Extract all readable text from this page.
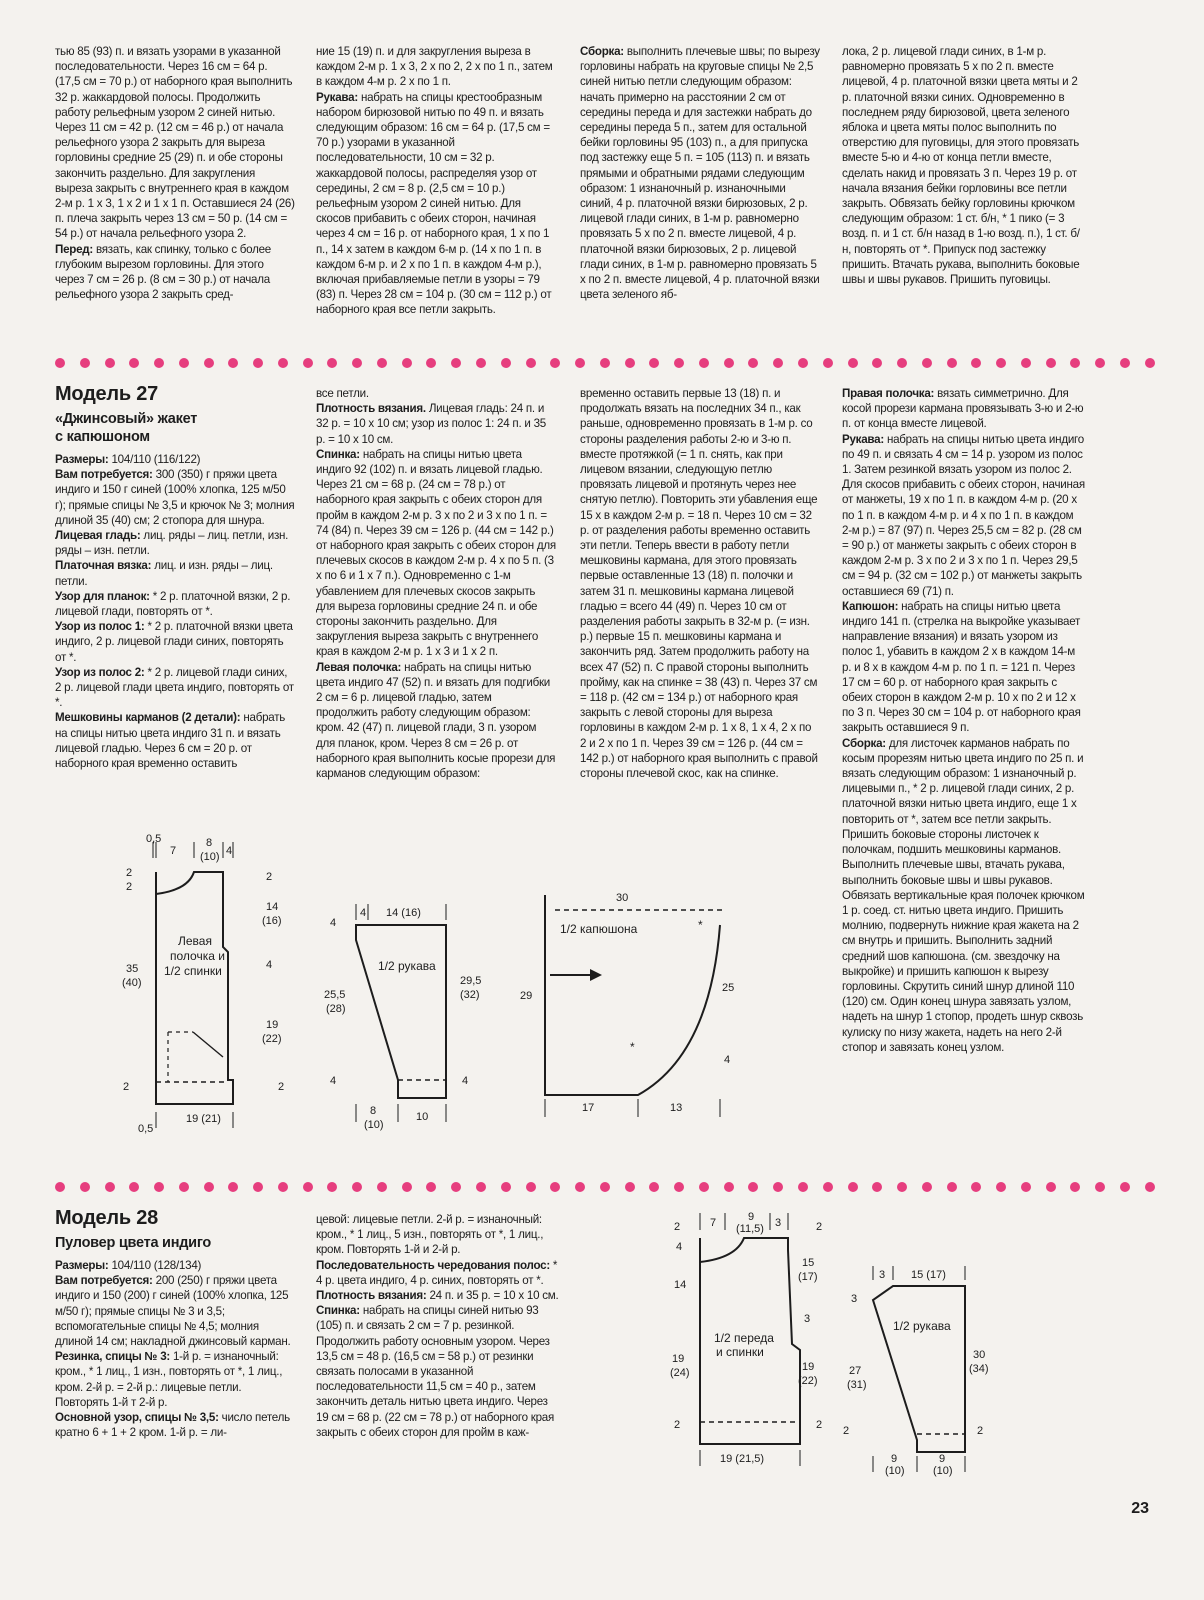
тью 85 (93) п. и вязать узорами в указанной последовательности. Через 16 см = 64 р. (17,5 см = 70 р.) от наборного края выполнить 32 р. жаккардовой полосы. Продолжить работу рельефным узором 2 синей нитью. Через 11 см = 42 р. (12 см = 46 р.) от начала рельефного узора 2 закрыть для выреза горловины средние 25 (29) п. и обе стороны закончить раздельно. Для закругления выреза закрыть с внутреннего края в каждом 2-м р. 1 х 3, 1 х 2 и 1 х 1 п. Оставшиеся 24 (26) п. плеча закрыть через 13 см = 50 р. (14 см = 54 р.) от начала рельефного узора 2.

Перед: вязать, как спинку, только с более глубоким вырезом горловины. Для этого через 7 см = 26 р. (8 см = 30 р.) от начала рельефного узора 2 закрыть сред-

ние 15 (19) п. и для закругления выреза в каждом 2-м р. 1 х 3, 2 х по 2, 2 х по 1 п., затем в каждом 4-м р. 2 х по 1 п.

Рукава: набрать на спицы крестообразным набором бирюзовой нитью по 49 п. и вязать следующим образом: 16 см = 64 р. (17,5 см = 70 р.) узорами в указанной последовательности, 10 см = 32 р. жаккардовой полосы, распределяя узор от середины, 2 см = 8 р. (2,5 см = 10 р.) рельефным узором 2 синей нитью. Для скосов прибавить с обеих сторон, начиная через 4 см = 16 р. от наборного края, 1 х по 1 п., 14 х затем в каждом 6-м р. (14 х по 1 п. в каждом 6-м р. и 2 х по 1 п. в каждом 4-м р.), включая прибавляемые петли в узоры = 79 (83) п. Через 28 см = 104 р. (30 см = 112 р.) от наборного края все петли закрыть.

Сборка: выполнить плечевые швы; по вырезу горловины набрать на круговые спицы № 2,5 синей нитью петли следующим образом: начать примерно на расстоянии 2 см от середины переда и для застежки набрать до середины переда 5 п., затем для остальной бейки горловины 95 (103) п., а для припуска под застежку еще 5 п. = 105 (113) п. и вязать прямыми и обратными рядами следующим образом: 1 изнаночный р. изнаночными синий, 4 р. платочной вязки бирюзовых, 2 р. лицевой глади синих, в 1-м р. равномерно провязать 5 х по 2 п. вместе лицевой, 4 р. платочной вязки бирюзовых, 2 р. лицевой глади синих, в 1-м р. равномерно провязать 5 х по 2 п. вместе лицевой, 4 р. платочной вязки цвета зеленого яб-

лока, 2 р. лицевой глади синих, в 1-м р. равномерно провязать 5 х по 2 п. вместе лицевой, 4 р. платочной вязки цвета мяты и 2 р. платочной вязки синих. Одновременно в последнем ряду бирюзовой, цвета зеленого яблока и цвета мяты полос выполнить по отверстию для пуговицы, для этого провязать вместе 5-ю и 4-ю от конца петли вместе, сделать накид и провязать 3 п. Через 19 р. от начала вязания бейки горловины все петли закрыть. Обвязать бейку горловины крючком следующим образом: 1 ст. б/н, * 1 пико (= 3 возд. п. и 1 ст. б/н назад в 1-ю возд. п.), 1 ст. б/н, повторять от *. Припуск под застежку пришить. Втачать рукава, выполнить боковые швы и швы рукавов. Пришить пуговицы.

Модель 27
«Джинсовый» жакет
с капюшоном

Размеры: 104/110 (116/122)

Вам потребуется: 300 (350) г пряжи цвета индиго и 150 г синей (100% хлопка, 125 м/50 г); прямые спицы № 3,5 и крючок № 3; молния длиной 35 (40) см; 2 стопора для шнура.

Лицевая гладь: лиц. ряды – лиц. петли, изн. ряды – изн. петли.

Платочная вязка: лиц. и изн. ряды – лиц. петли.

Узор для планок: * 2 р. платочной вязки, 2 р. лицевой глади, повторять от *.

Узор из полос 1: * 2 р. платочной вязки цвета индиго, 2 р. лицевой глади синих, повторять от *.

Узор из полос 2: * 2 р. лицевой глади синих, 2 р. лицевой глади цвета индиго, повторять от *.

Мешковины карманов (2 детали): набрать на спицы нитью цвета индиго 31 п. и вязать лицевой гладью. Через 6 см = 20 р. от наборного края временно оставить

все петли.

Плотность вязания. Лицевая гладь: 24 п. и 32 р. = 10 х 10 см; узор из полос 1: 24 п. и 35 р. = 10 х 10 см.

Спинка: набрать на спицы нитью цвета индиго 92 (102) п. и вязать лицевой гладью. Через 21 см = 68 р. (24 см = 78 р.) от наборного края закрыть с обеих сторон для пройм в каждом 2-м р. 3 х по 2 и 3 х по 1 п. = 74 (84) п. Через 39 см = 126 р. (44 см = 142 р.) от наборного края закрыть с обеих сторон для плечевых скосов в каждом 2-м р. 4 х по 5 п. (3 х по 6 и 1 х 7 п.). Одновременно с 1-м убавлением для плечевых скосов закрыть для выреза горловины средние 24 п. и обе стороны закончить раздельно. Для закругления выреза закрыть с внутреннего края в каждом 2-м р. 1 х 3 и 1 х 2 п.

Левая полочка: набрать на спицы нитью цвета индиго 47 (52) п. и вязать для подгибки 2 см = 6 р. лицевой гладью, затем продолжить работу следующим образом: кром. 42 (47) п. лицевой глади, 3 п. узором для планок, кром. Через 8 см = 26 р. от наборного края выполнить косые прорези для карманов следующим образом:

временно оставить первые 13 (18) п. и продолжать вязать на последних 34 п., как раньше, одновременно провязать в 1-м р. со стороны разделения работы 2-ю и 3-ю п. вместе протяжкой (= 1 п. снять, как при лицевом вязании, следующую петлю провязать лицевой и протянуть через нее снятую петлю). Повторить эти убавления еще 15 х в каждом 2-м р. = 18 п. Через 10 см = 32 р. от разделения работы временно оставить эти петли. Теперь ввести в работу петли мешковины кармана, для этого провязать первые оставленные 13 (18) п. полочки и затем 31 п. мешковины кармана лицевой гладью = всего 44 (49) п. Через 10 см от разделения работы закрыть в 32-м р. (= изн. р.) первые 15 п. мешковины кармана и закончить ряд. Затем продолжить работу на всех 47 (52) п. С правой стороны выполнить пройму, как на спинке = 38 (43) п. Через 37 см = 118 р. (42 см = 134 р.) от наборного края закрыть с левой стороны для выреза горловины в каждом 2-м р. 1 х 8, 1 х 4, 2 х по 2 и 2 х по 1 п. Через 39 см = 126 р. (44 см = 142 р.) от наборного края выполнить с правой стороны плечевой скос, как на спинке.

Правая полочка: вязать симметрично. Для косой прорези кармана провязывать 3-ю и 2-ю п. от конца вместе лицевой.

Рукава: набрать на спицы нитью цвета индиго по 49 п. и связать 4 см = 14 р. узором из полос 1. Затем резинкой вязать узором из полос 2. Для скосов прибавить с обеих сторон, начиная от манжеты, 19 х по 1 п. в каждом 4-м р. (20 х по 1 п. в каждом 4-м р. и 4 х по 1 п. в каждом 2-м р.) = 87 (97) п. Через 25,5 см = 82 р. (28 см = 90 р.) от манжеты закрыть с обеих сторон в каждом 2-м р. 3 х по 2 и 3 х по 1 п. Через 29,5 см = 94 р. (32 см = 102 р.) от манжеты закрыть оставшиеся 69 (71) п.

Капюшон: набрать на спицы нитью цвета индиго 141 п. (стрелка на выкройке указывает направление вязания) и вязать узором из полос 1, убавить в каждом 2 х в каждом 14-м р. и 8 х в каждом 4-м р. по 1 п. = 121 п. Через 17 см = 60 р. от наборного края закрыть с обеих сторон в каждом 2-м р. 10 х по 2 и 12 х по 3 п. Через 30 см = 104 р. от наборного края закрыть оставшиеся 9 п.

Сборка: для листочек карманов набрать по косым прорезям нитью цвета индиго по 25 п. и вязать следующим образом: 1 изнаночный р. лицевыми п., * 2 р. лицевой глади синих, 2 р. платочной вязки нитью цвета индиго, еще 1 х повторить от *, затем все петли закрыть. Пришить боковые стороны листочек к полочкам, подшить мешковины карманов. Выполнить плечевые швы, втачать рукава, выполнить боковые швы и швы рукавов. Обвязать вертикальные края полочек крючком 1 р. соед. ст. нитью цвета индиго. Пришить молнию, подвернуть нижние края жакета на 2 см внутрь и пришить. Выполнить задний средний шов капюшона. (см. звездочку на выкройке) и пришить капюшон к вырезу горловины. Скрутить синий шнур длиной 110 (120) см. Один конец шнура завязать узлом, надеть на шнур 1 стопор, продеть шнур сквозь кулиску по низу жакета, надеть на него 2-й стопор и завязать конец узлом.

0,5
7
8
(10) 4
2
2
2
14
(16)
4
Левая
полочка и
1/2 спинки
35
(40)
19
(22)
2	2
19 (21)
0,5
4 14 (16)
4
1/2 рукава
29,5
(32)
25,5
(28)
4	4
8
(10)
10
30
1/2 капюшона	*
29
25
*
4
17	13
Модель 28
Пуловер цвета индиго

Размеры: 104/110 (128/134)

Вам потребуется: 200 (250) г пряжи цвета индиго и 150 (200) г синей (100% хлопка, 125 м/50 г); прямые спицы № 3 и 3,5; вспомогательные спицы № 4,5; молния длиной 14 см; накладной джинсовый карман.

Резинка, спицы № 3: 1-й р. = изнаночный: кром., * 1 лиц., 1 изн., повторять от *, 1 лиц., кром. 2-й р. = 2-й р.: лицевые петли. Повторять 1-й т 2-й р.

Основной узор, спицы № 3,5: число петель кратно 6 + 1 + 2 кром. 1-й р. = ли-

цевой: лицевые петли. 2-й р. = изнаночный: кром., * 1 лиц., 5 изн., повторять от *, 1 лиц., кром. Повторять 1-й и 2-й р.

Последовательность чередования полос: * 4 р. цвета индиго, 4 р. синих, повторять от *.

Плотность вязания: 24 п. и 35 р. = 10 х 10 см.

Спинка: набрать на спицы синей нитью 93 (105) п. и связать 2 см = 7 р. резинкой. Продолжить работу основным узором. Через 13,5 см = 48 р. (16,5 см = 58 р.) от резинки связать полосами в указанной последовательности 11,5 см = 40 р., затем закончить деталь нитью цвета индиго. Через 19 см = 68 р. (22 см = 78 р.) от наборного края закрыть с обеих сторон для пройм в каж-

7	9
(11,5) 3
2
4
14
2
15
(17)
3
1/2 переда
и спинки
19
(24)	19
(22)
2	2
19 (21,5)
3 15 (17)
3
1/2 рукава
30
(34)
27
(31)
2	2
9
(10)
9
(10)
23
